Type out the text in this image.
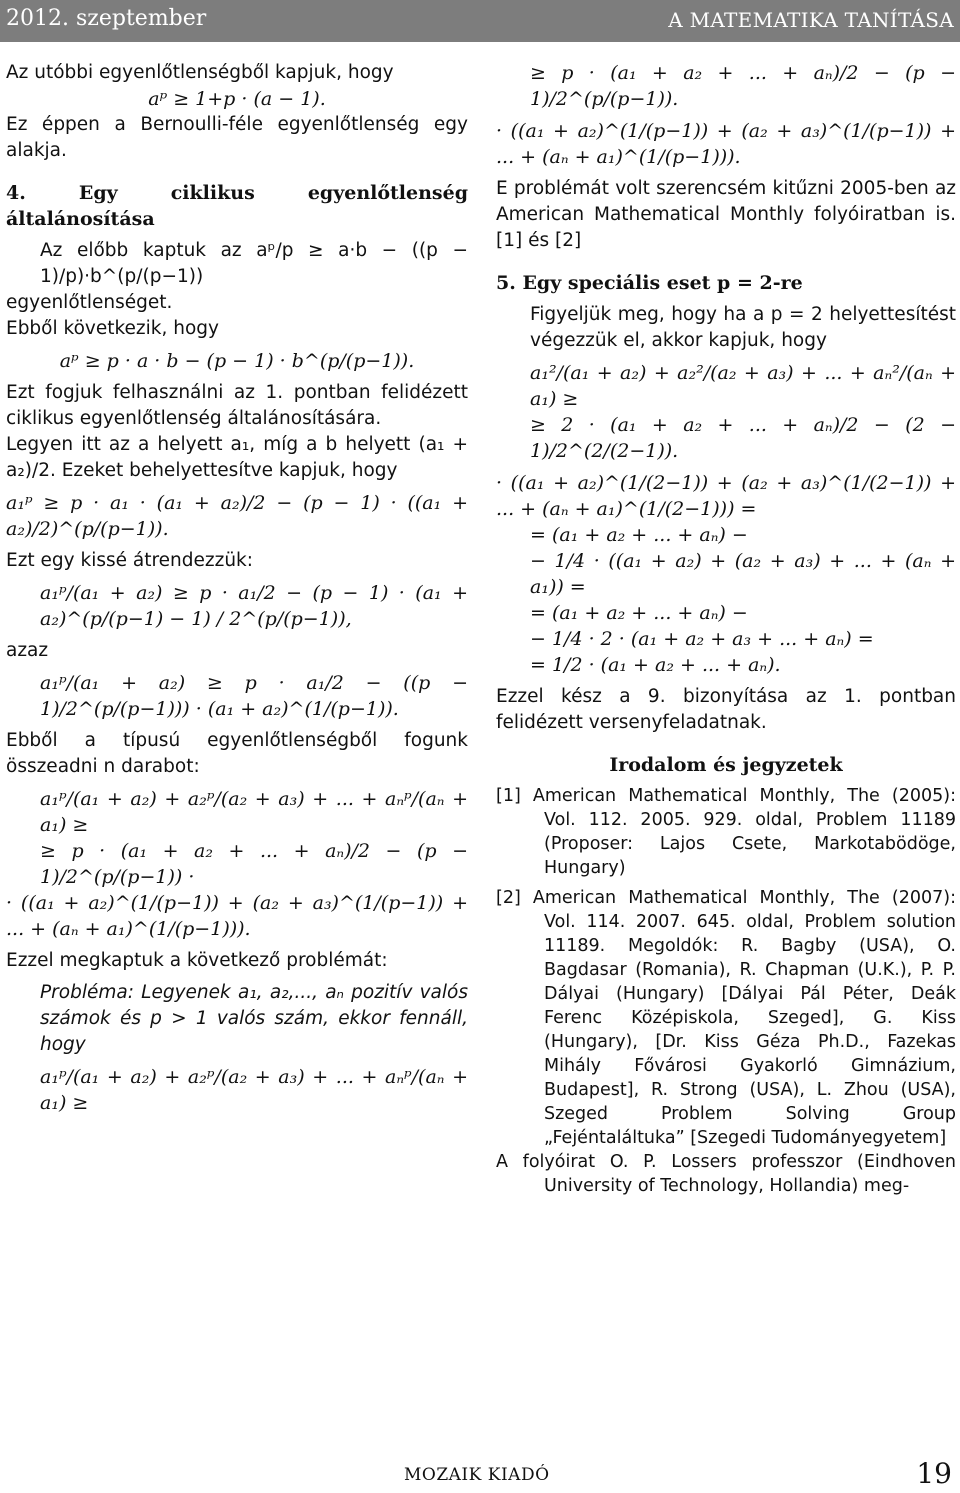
2012. szeptember	A MATEMATIKA TANÍTÁSA

Az utóbbi egyenlőtlenségből kapjuk, hogy

aᵖ ≥ 1+p · (a − 1).

Ez éppen a Bernoulli-féle egyenlőtlenség egy alakja.

4. Egy ciklikus egyenlőtlenség általánosítása

Az előbb kaptuk az aᵖ/p ≥ a·b − ((p − 1)/p)·b^(p/(p−1))

egyenlőtlenséget.

Ebből következik, hogy

aᵖ ≥ p · a · b − (p − 1) · b^(p/(p−1)).

Ezt fogjuk felhasználni az 1. pontban felidézett ciklikus egyenlőtlenség általánosítására.

Legyen itt az a helyett a₁, míg a b helyett (a₁ + a₂)/2. Ezeket behelyettesítve kapjuk, hogy

a₁ᵖ ≥ p · a₁ · (a₁ + a₂)/2 − (p − 1) · ((a₁ + a₂)/2)^(p/(p−1)).

Ezt egy kissé átrendezzük:

a₁ᵖ/(a₁ + a₂) ≥ p · a₁/2 − (p − 1) · (a₁ + a₂)^(p/(p−1) − 1) / 2^(p/(p−1)),

azaz

a₁ᵖ/(a₁ + a₂) ≥ p · a₁/2 − ((p − 1)/2^(p/(p−1))) · (a₁ + a₂)^(1/(p−1)).

Ebből a típusú egyenlőtlenségből fogunk összeadni n darabot:

a₁ᵖ/(a₁ + a₂) + a₂ᵖ/(a₂ + a₃) + ... + aₙᵖ/(aₙ + a₁) ≥

≥ p · (a₁ + a₂ + ... + aₙ)/2 − (p − 1)/2^(p/(p−1)) ·

· ((a₁ + a₂)^(1/(p−1)) + (a₂ + a₃)^(1/(p−1)) + ... + (aₙ + a₁)^(1/(p−1))).

Ezzel megkaptuk a következő problémát:

Probléma: Legyenek a₁, a₂,..., aₙ pozitív valós számok és p > 1 valós szám, ekkor fennáll, hogy

a₁ᵖ/(a₁ + a₂) + a₂ᵖ/(a₂ + a₃) + ... + aₙᵖ/(aₙ + a₁) ≥

≥ p · (a₁ + a₂ + ... + aₙ)/2 − (p − 1)/2^(p/(p−1)).

· ((a₁ + a₂)^(1/(p−1)) + (a₂ + a₃)^(1/(p−1)) + ... + (aₙ + a₁)^(1/(p−1))).

E problémát volt szerencsém kitűzni 2005-ben az American Mathematical Monthly folyóiratban is. [1] és [2]

5. Egy speciális eset p = 2-re

Figyeljük meg, hogy ha a p = 2 helyettesítést végezzük el, akkor kapjuk, hogy

a₁²/(a₁ + a₂) + a₂²/(a₂ + a₃) + ... + aₙ²/(aₙ + a₁) ≥

≥ 2 · (a₁ + a₂ + ... + aₙ)/2 − (2 − 1)/2^(2/(2−1)).

· ((a₁ + a₂)^(1/(2−1)) + (a₂ + a₃)^(1/(2−1)) + ... + (aₙ + a₁)^(1/(2−1))) =

= (a₁ + a₂ + ... + aₙ) −

− 1/4 · ((a₁ + a₂) + (a₂ + a₃) + ... + (aₙ + a₁)) =

= (a₁ + a₂ + ... + aₙ) −

− 1/4 · 2 · (a₁ + a₂ + a₃ + ... + aₙ) =

= 1/2 · (a₁ + a₂ + ... + aₙ).

Ezzel kész a 9. bizonyítása az 1. pontban felidézett versenyfeladatnak.

Irodalom és jegyzetek

[1] American Mathematical Monthly, The (2005): Vol. 112. 2005. 929. oldal, Problem 11189 (Proposer: Lajos Csete, Markotabödöge, Hungary)

[2] American Mathematical Monthly, The (2007): Vol. 114. 2007. 645. oldal, Problem solution 11189. Megoldók: R. Bagby (USA), O. Bagdasar (Romania), R. Chapman (U.K.), P. P. Dályai (Hungary) [Dályai Pál Péter, Deák Ferenc Középiskola, Szeged], G. Kiss (Hungary), [Dr. Kiss Géza Ph.D., Fazekas Mihály Fővárosi Gyakorló Gimnázium, Budapest], R. Strong (USA), L. Zhou (USA), Szeged Problem Solving Group „Fejéntaláltuka” [Szegedi Tudományegyetem]

A folyóirat O. P. Lossers professzor (Eindhoven University of Technology, Hollandia) meg-

MOZAIK KIADÓ	19
